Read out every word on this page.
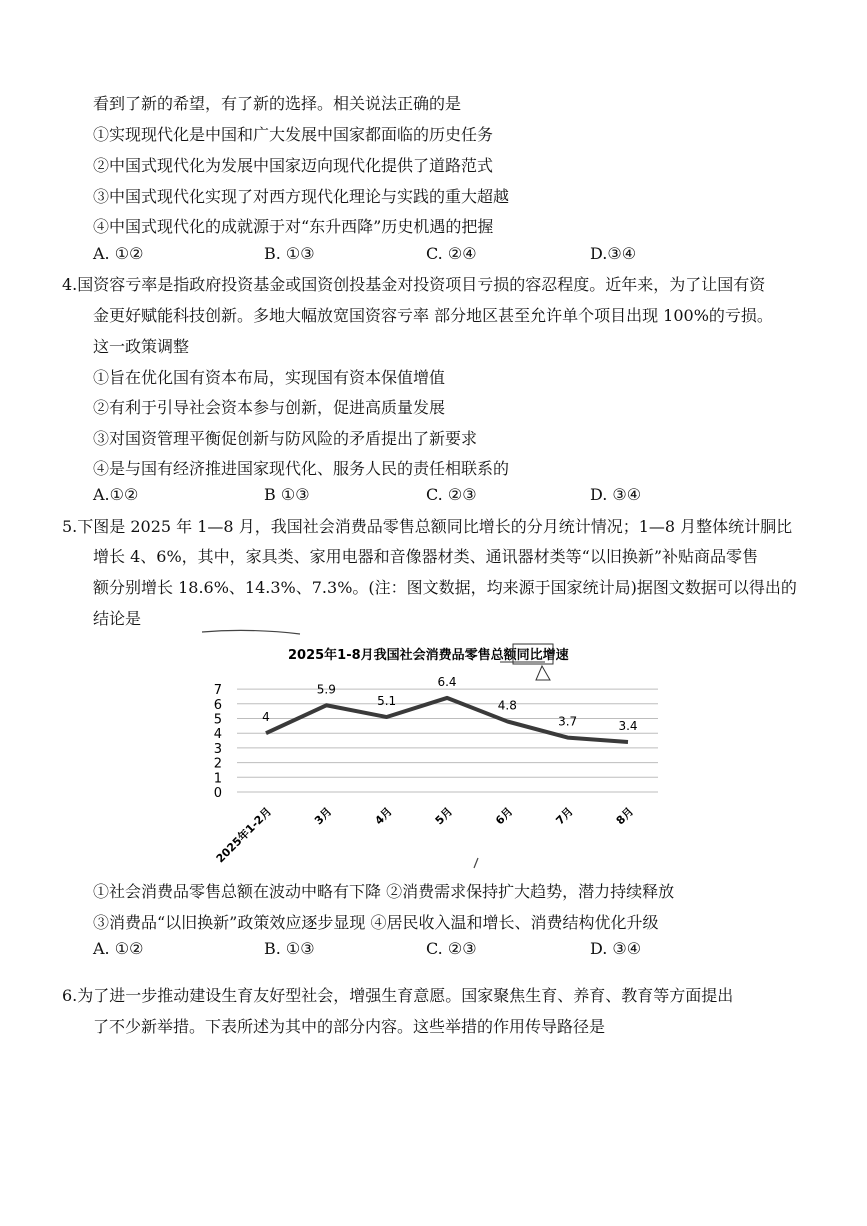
看到了新的希望，有了新的选择。相关说法正确的是
①实现现代化是中国和广大发展中国家都面临的历史任务
②中国式现代化为发展中国家迈向现代化提供了道路范式
③中国式现代化实现了对西方现代化理论与实践的重大超越
④中国式现代化的成就源于对“东升西降”历史机遇的把握
A. ①②	B. ①③	C. ②④	D.③④
4.国资容亏率是指政府投资基金或国资创投基金对投资项目亏损的容忍程度。近年来，为了让国有资
金更好赋能科技创新。多地大幅放宽国资容亏率 部分地区甚至允许单个项目出现 100%的亏损。
这一政策调整
①旨在优化国有资本布局，实现国有资本保值增值
②有利于引导社会资本参与创新，促进高质量发展
③对国资管理平衡促创新与防风险的矛盾提出了新要求
④是与国有经济推进国家现代化、服务人民的责任相联系的
A.①②	B ①③	C. ②③	D. ③④
5.下图是 2025 年 1—8 月，我国社会消费品零售总额同比增长的分月统计情况；1—8 月整体统计胴比
增长 4、6%，其中，家具类、家用电器和音像器材类、通讯器材类等“以旧换新”补贴商品零售
额分别增长 18.6%、14.3%、7.3%。(注：图文数据，均来源于国家统计局)据图文数据可以得出的
结论是
2025年1-8月我国社会消费品零售总额同比增速
0
1
2
3
4
5
6
7
4
5.9
5.1
6.4
4.8
3.7	3.4
2025年1-2月	3月	4月	5月	6月	7月	8月
①社会消费品零售总额在波动中略有下降 ②消费需求保持扩大趋势，潜力持续释放
③消费品“以旧换新”政策效应逐步显现 ④居民收入温和增长、消费结构优化升级
A. ①②	B. ①③	C. ②③	D. ③④
6.为了进一步推动建设生育友好型社会，增强生育意愿。国家聚焦生育、养育、教育等方面提出
了不少新举措。下表所述为其中的部分内容。这些举措的作用传导路径是
